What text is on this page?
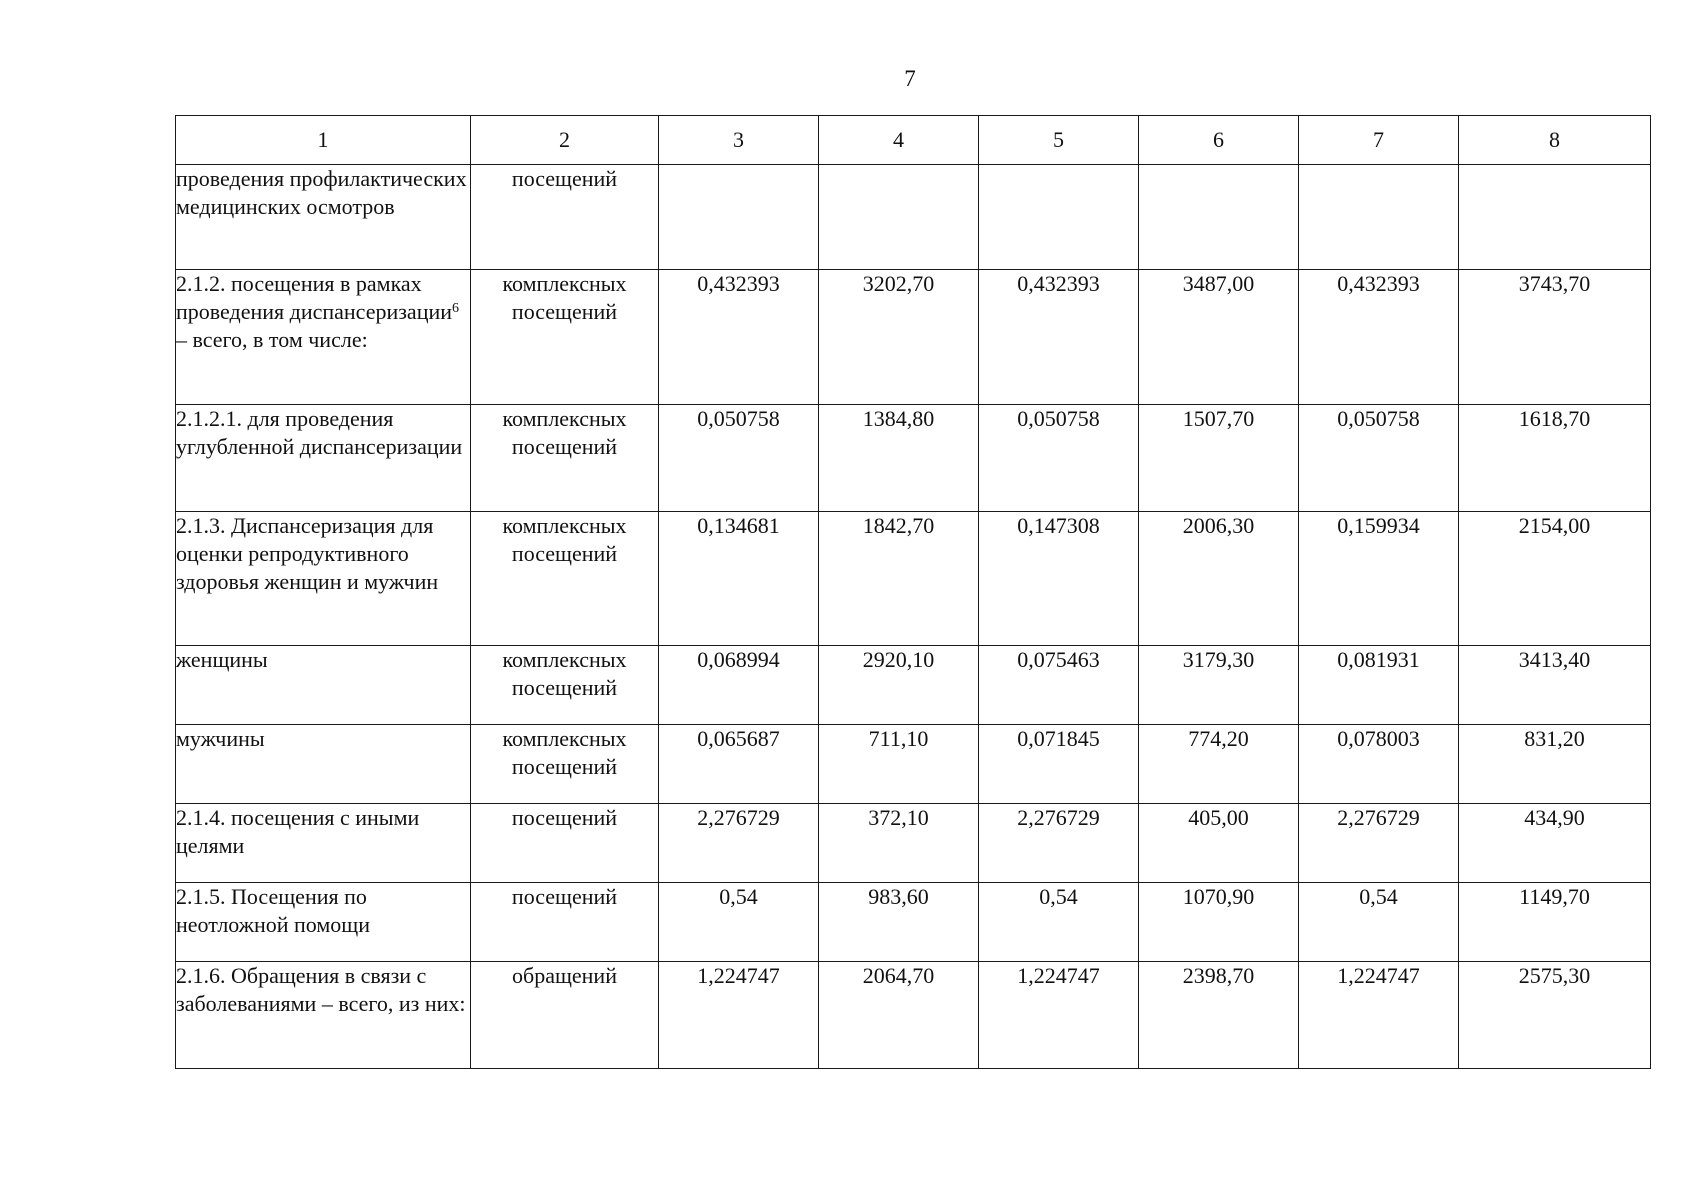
7
1	2	3	4	5	6	7	8
проведения профилактических медицинских осмотров	посещений						
2.1.2. посещения в рамках проведения диспансеризации$^6$ – всего, в том числе:	комплексных посещений	0,432393	3202,70	0,432393	3487,00	0,432393	3743,70
2.1.2.1. для проведения углубленной диспансеризации	комплексных посещений	0,050758	1384,80	0,050758	1507,70	0,050758	1618,70
2.1.3. Диспансеризация для оценки репродуктивного здоровья женщин и мужчин	комплексных посещений	0,134681	1842,70	0,147308	2006,30	0,159934	2154,00
женщины	комплексных посещений	0,068994	2920,10	0,075463	3179,30	0,081931	3413,40
мужчины	комплексных посещений	0,065687	711,10	0,071845	774,20	0,078003	831,20
2.1.4. посещения с иными целями	посещений	2,276729	372,10	2,276729	405,00	2,276729	434,90
2.1.5. Посещения по неотложной помощи	посещений	0,54	983,60	0,54	1070,90	0,54	1149,70
2.1.6. Обращения в связи с заболеваниями – всего, из них:	обращений	1,224747	2064,70	1,224747	2398,70	1,224747	2575,30
